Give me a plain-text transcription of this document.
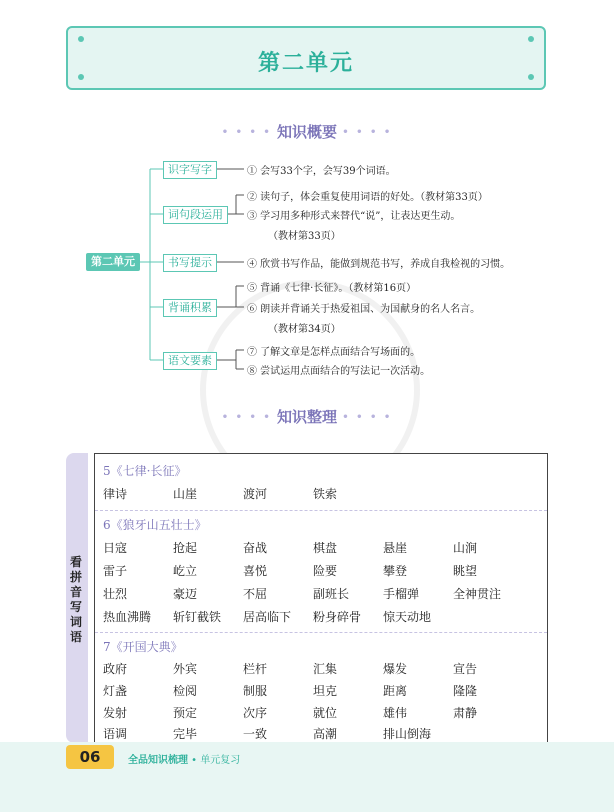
第二单元
• • • • 知识概要 • • • •
第二单元
识字写字
词句段运用
书写提示
背诵积累
语文要素
① 会写33个字，会写39个词语。
② 读句子，体会重复使用词语的好处。（教材第33页）
③ 学习用多种形式来替代“说”，让表达更生动。
（教材第33页）
④ 欣赏书写作品，能做到规范书写，养成自我检视的习惯。
⑤ 背诵《七律·长征》。（教材第16页）
⑥ 朗读并背诵关于热爱祖国、为国献身的名人名言。
（教材第34页）
⑦ 了解文章是怎样点面结合写场面的。
⑧ 尝试运用点面结合的写法记一次活动。
• • • • 知识整理 • • • •
看拼音写词语
5《七律·长征》
律诗	山崖	渡河	铁索
6《狼牙山五壮士》
日寇	抢起	奋战	棋盘	悬崖	山涧
雷子	屹立	喜悦	险要	攀登	眺望
壮烈	豪迈	不屈	副班长	手榴弹	全神贯注
热血沸腾 斩钉截铁 居高临下 粉身碎骨 惊天动地
7《开国大典》
政府	外宾	栏杆	汇集	爆发	宣告
灯盏	检阅	制服	坦克	距离	隆隆
发射	预定	次序	就位	雄伟	肃静
语调	完毕	一致	高潮	排山倒海
06	全品知识梳理 • 单元复习
